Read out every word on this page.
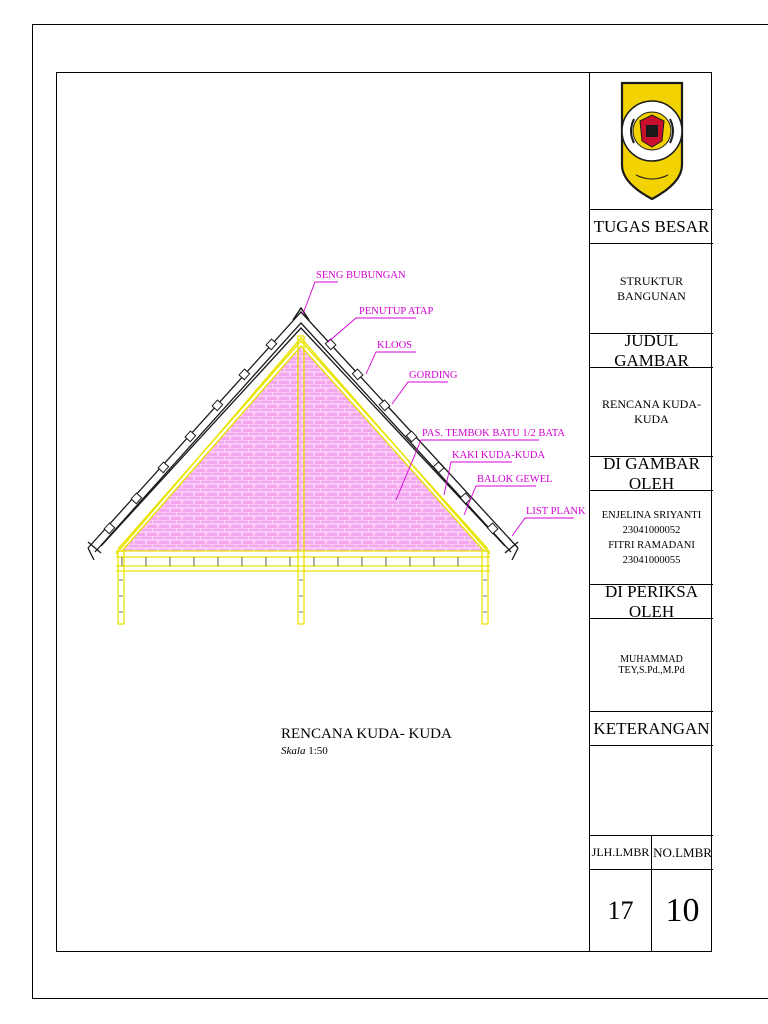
SENG BUBUNGAN
PENUTUP ATAP
KLOOS
GORDING
PAS. TEMBOK BATU 1/2 BATA
KAKI KUDA-KUDA
BALOK GEWEL
LIST PLANK
RENCANA KUDA- KUDA
Skala 1:50
TUGAS BESAR
STRUKTUR BANGUNAN
JUDUL GAMBAR
RENCANA KUDA-KUDA
DI GAMBAR OLEH
ENJELINA SRIYANTI
23041000052
FITRI RAMADANI
23041000055
DI PERIKSA OLEH
MUHAMMAD TEY,S.Pd.,M.Pd
KETERANGAN
JLH.LMBR
17
NO.LMBR
10
